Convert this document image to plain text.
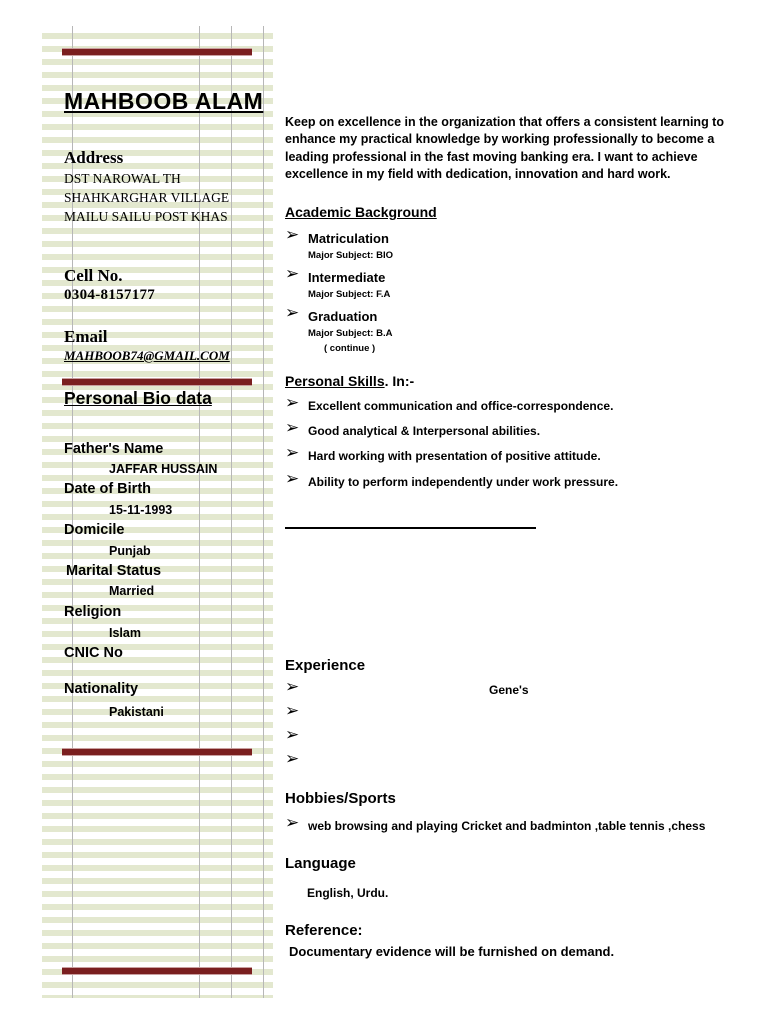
MAHBOOB ALAM
Address
DST NAROWAL TH
SHAHKARGHAR VILLAGE
MAILU SAILU POST KHAS
Cell No.
0304-8157177
Email
MAHBOOB74@GMAIL.COM
Personal Bio data
Father's Name
JAFFAR HUSSAIN
Date of Birth
15-11-1993
Domicile
Punjab
Marital Status
Married
Religion
Islam
CNIC No
Nationality
Pakistani
Keep on excellence in the organization that offers a consistent learning to enhance my practical knowledge by working professionally to become a leading professional in the fast moving banking era. I want to achieve excellence in my field with dedication, innovation and hard work.
Academic Background
➢ Matriculation
Major Subject: BIO
➢ Intermediate
Major Subject: F.A
➢ Graduation
Major Subject: B.A
( continue )
Personal Skills. In:-
➢ Excellent communication and office-correspondence.
➢ Good analytical & Interpersonal abilities.
➢ Hard working with presentation of positive attitude.
➢ Ability to perform independently under work pressure.
Experience
➢	Gene's
➢
➢
➢
Hobbies/Sports
➢ web browsing and playing Cricket and badminton ,table tennis ,chess
Language
English, Urdu.
Reference:
Documentary evidence will be furnished on demand.
